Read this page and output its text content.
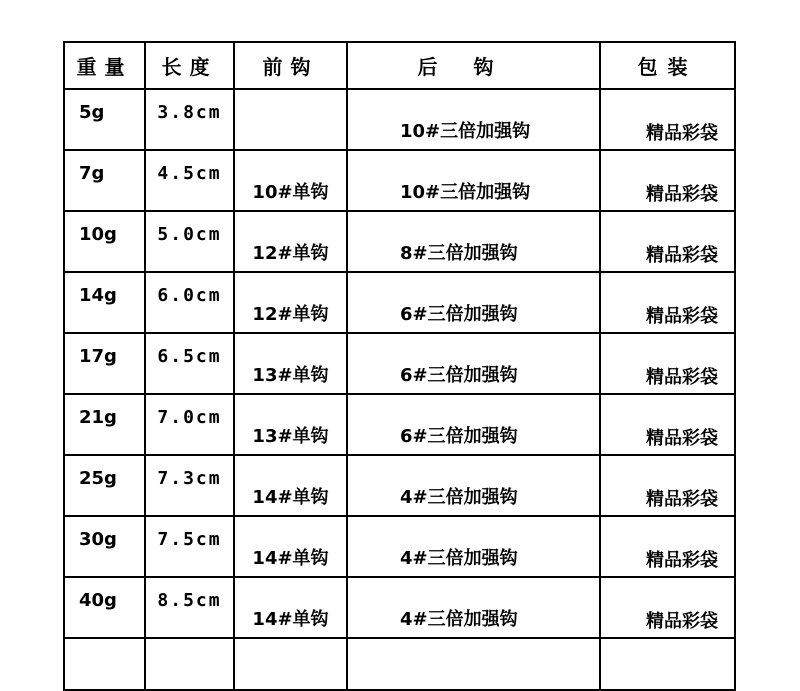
重量	长度	前钩	后钩	包装
5g	3.8cm		10#三倍加强钩	精品彩袋
7g	4.5cm	10#单钩	10#三倍加强钩	精品彩袋
10g	5.0cm	12#单钩	8#三倍加强钩	精品彩袋
14g	6.0cm	12#单钩	6#三倍加强钩	精品彩袋
17g	6.5cm	13#单钩	6#三倍加强钩	精品彩袋
21g	7.0cm	13#单钩	6#三倍加强钩	精品彩袋
25g	7.3cm	14#单钩	4#三倍加强钩	精品彩袋
30g	7.5cm	14#单钩	4#三倍加强钩	精品彩袋
40g	8.5cm	14#单钩	4#三倍加强钩	精品彩袋
